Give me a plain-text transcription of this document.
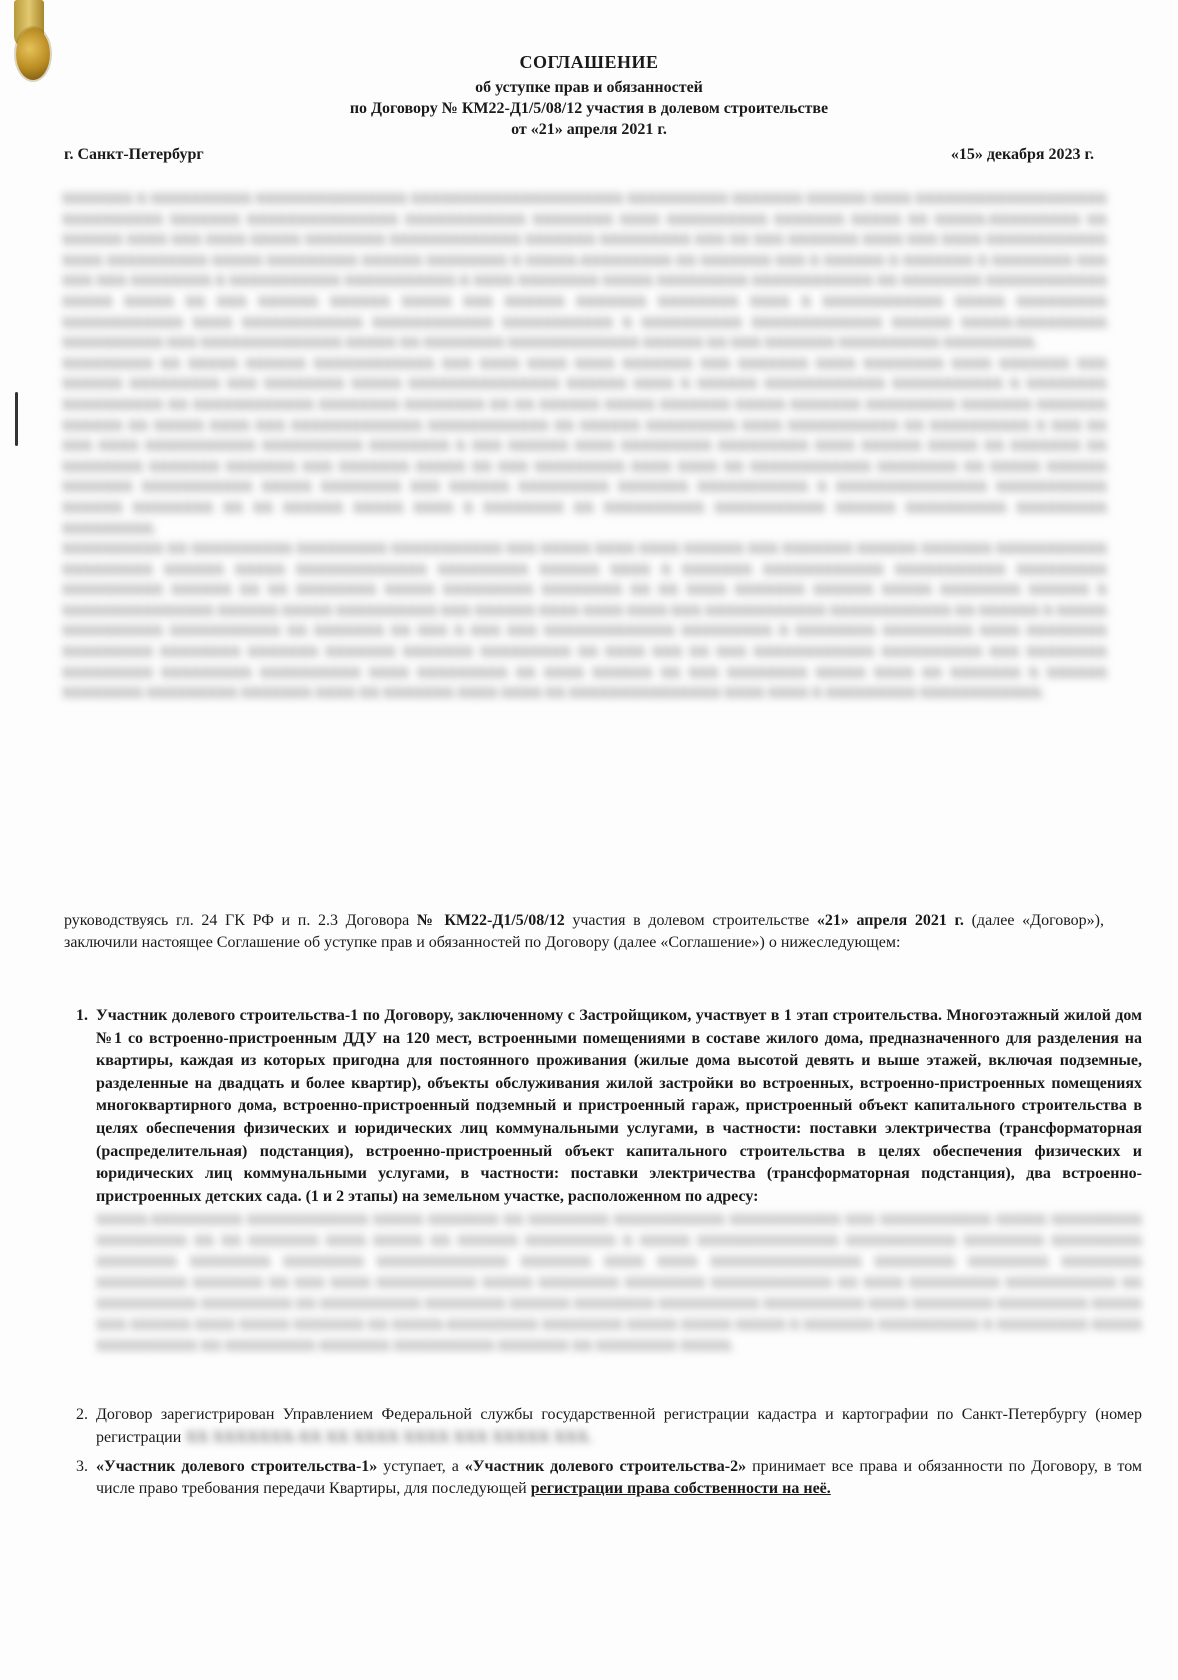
СОГЛАШЕНИЕ
об уступке прав и обязанностей
по Договору № КМ22-Д1/5/08/12 участия в долевом строительстве
от «21» апреля 2021 г.
г. Санкт-Петербург	«15» декабря 2023 г.

ХХХХХХХ Х ХХХХХХХХХХ ХХХХХХХХХХХХХХХ ХХХХХХХХХХХХХХХХХХХХХ ХХХХХХХХХХ ХХХХХХХ ХХХХХХ ХХХХ ХХХХХХХХХХХХХХХХХХХ ХХХХХХХХХХ ХХХХХХХ ХХХХХХХХХХХХХХХ ХХХХХХХХХХХХ ХХХХХХХХ ХХХХ ХХХХХХХХХХ ХХХХХХХ ХХХХХ ХХ ХХХХХ-ХХХХХХХХХ ХХ ХХХХХХ ХХХХ ХХХ ХХХХ ХХХХХ ХХХХХХХХ ХХХХХХХХХХХХХ ХХХХХХХ ХХХХХХХХХ ХХХ ХХ ХХХ ХХХХХХХ ХХХХ ХХХ ХХХХ ХХХХХХХХХХХХ ХХХХ ХХХХХХХХХХ ХХХХХ ХХХХХХХХХ ХХХХХХ ХХХХХХХХ Х ХХХХХ-ХХХХХХХХХ ХХ ХХХХХХХ ХХХ Х ХХХХХХ Х ХХХХХХХ Х ХХХХХХХХ ХХХ ХХХ ХХХ ХХХХХХХХ Х ХХХХХХХХХХХ ХХХХХХХХХХХ Х ХХХХ ХХХХХХХХ ХХХХХ ХХХХХХХХХ ХХХХХХХХХХХХ ХХ ХХХХХХХХ ХХХХХХХХХХХХ ХХХХХ ХХХХХ ХХ ХХХ ХХХХХХ ХХХХХХ ХХХХХ ХХХ ХХХХХХ ХХХХХХХ ХХХХХХХХ ХХХХ Х ХХХХХХХХХХХХ ХХХХХ ХХХХХХХХХ ХХХХХХХХХХХХ ХХХХ ХХХХХХХХХХХХ ХХХХХХХХХХХХ ХХХХХХХХХХХ Х ХХХХХХХХХХ ХХХХХХХХХХХХХ ХХХХХХ ХХХХХ-ХХХХХХХХХ ХХХХХХХХХХ ХХХ ХХХХХХХХХХХХХХ ХХХХХ ХХ ХХХХХХХХ ХХХХХХХХХХХХХ ХХХХХХ ХХ ХХХ ХХХХХХХ ХХХХХХХХХХ ХХХХХХХХХ.

ХХХХХХХХХ ХХ ХХХХХ ХХХХХХ ХХХХХХХХХХХХ ХХХ ХХХХ ХХХХ ХХХХ ХХХХХХХ ХХХ ХХХХХХХ ХХХХ ХХХХХХХХ ХХХХ ХХХХХХХ ХХХ ХХХХХХ ХХХХХХХХХ ХХХ ХХХХХХХХ ХХХХХ ХХХХХХХХХХХХХХХ ХХХХХХ ХХХХ Х ХХХХХХ ХХХХХХХХХХХХ ХХХХХХХХХХХ Х ХХХХХХХХ ХХХХХХХХХХ ХХ ХХХХХХХХХХХХ ХХХХХХХХ ХХХХХХХХ ХХ ХХ ХХХХХХ ХХХХХ ХХХХХХХ ХХХХХ ХХХХХХХ ХХХХХХХХХ ХХХХХХХ ХХХХХХХ ХХХХХХ ХХ ХХХХХ ХХХХ ХХХ ХХХХХХХХХХХХХ ХХХХХХХХХХХХ ХХ ХХХХХХ ХХХХХХХХХ ХХХХ ХХХХХХХХХХХ ХХ ХХХХХХХХХХ Х ХХХ ХХ ХХХ ХХХХ ХХХХХХХХХХХ ХХХХХХХХХХ ХХХХХХХХ Х ХХХ ХХХХХХ ХХХХ ХХХХХХХХХ ХХХХХХХХХ ХХХХ ХХХХХХ ХХХХХ ХХ ХХХХХХХ ХХ ХХХХХХХХ ХХХХХХХ ХХХХХХХ ХХХ ХХХХХХХ ХХХХХ ХХ ХХХ ХХХХХХХХХ ХХХХ ХХХХ ХХ ХХХХХХХХХХХХ ХХХХХХХХ ХХ ХХХХХ ХХХХХХ ХХХХХХХ ХХХХХХХХХХХ ХХХХХ ХХХХХХХХ ХХХ ХХХХХХ ХХХХХХХХХ ХХХХХХХ ХХХХХХХХХХХ Х ХХХХХХХХХХХХХХХ ХХХХХХХХХХХ ХХХХХХ ХХХХХХХХ ХХ ХХ ХХХХХХ ХХХХХ ХХХХ Х ХХХХХХХХ ХХ ХХХХХХХХХХ ХХХХХХХХХХХ ХХХХХХ ХХХХХХХХХХ ХХХХХХХХХ ХХХХХХХХХ.

ХХХХХХХХХХ ХХ ХХХХХХХХХХ ХХХХХХХХХ ХХХХХХХХХХХ ХХХ ХХХХХ ХХХХ ХХХХ ХХХХХХ ХХХ ХХХХХХХ ХХХХХХ ХХХХХХХ ХХХХХХХХХХХ ХХХХХХХХХ ХХХХХХ ХХХХХ ХХХХХХХХХХХХХ ХХХХХХХХХ ХХХХХХ ХХХХ Х ХХХХХХХ ХХХХХХХХХХХХ ХХХХХХХХХХХ ХХХХХХХХХ ХХХХХХХХХХ ХХХХХХ ХХ ХХ ХХХХХХХХ ХХХХХ ХХХХХХХХХ ХХХХХХХХ ХХ ХХ ХХХХ ХХХХХХХ ХХХХХХ ХХХХХ ХХХХХХХХ ХХХХХХ Х ХХХХХХХХХХХХХХХ ХХХХХХ ХХХХХ ХХХХХХХХХХ ХХХ ХХХХХХ ХХХХ ХХХХ ХХХХ ХХХ ХХХХХХХХХХХХ ХХХХХХХХХХХХ ХХ ХХХХХХ Х ХХХХХ ХХХХХХХХХХ ХХХХХХХХХХХ ХХ ХХХХХХХ ХХ ХХХ Х ХХХ ХХХ ХХХХХХХХХХХХХ ХХХХХХХХХ Х ХХХХХХХХ ХХХХХХХХХ ХХХХ ХХХХХХХХ ХХХХХХХХХ ХХХХХХХХ ХХХХХХХ ХХХХХХХ ХХХХХХХ ХХХХХХХХХ ХХ ХХХХ ХХХ ХХ ХХХ ХХХХХХХХХХХХ ХХХХХХХХХХ ХХХ ХХХХХХХХ ХХХХХХХХХ ХХХХХХХХХ ХХХХХХХХХХ ХХХХ ХХХХХХХХХ ХХ ХХХХ ХХХХХХ ХХ ХХХ ХХХХХХХХ ХХХХХ ХХХХ ХХ ХХХХХХХ Х ХХХХХХ ХХХХХХХХ ХХХХХХХХХ ХХХХХХХ ХХХХ ХХ ХХХХХХХ ХХХХ ХХХХ ХХ ХХХХХХХХХХХХХХХ ХХХХ ХХХХ Х ХХХХХХХХХ ХХХХХХХХХХХХ.

руководствуясь гл. 24 ГК РФ и п. 2.3 Договора № КМ22-Д1/5/08/12 участия в долевом строительстве «21» апреля 2021 г. (далее «Договор»), заключили настоящее Соглашение об уступке прав и обязанностей по Договору (далее «Соглашение») о нижеследующем:
1. Участник долевого строительства-1 по Договору, заключенному с Застройщиком, участвует в 1 этап строительства. Многоэтажный жилой дом №1 со встроенно-пристроенным ДДУ на 120 мест, встроенными помещениями в составе жилого дома, предназначенного для разделения на квартиры, каждая из которых пригодна для постоянного проживания (жилые дома высотой девять и выше этажей, включая подземные, разделенные на двадцать и более квартир), объекты обслуживания жилой застройки во встроенных, встроенно-пристроенных помещениях многоквартирного дома, встроенно-пристроенный подземный и пристроенный гараж, пристроенный объект капитального строительства в целях обеспечения физических и юридических лиц коммунальными услугами, в частности: поставки электричества (трансформаторная (распределительная) подстанция), встроенно-пристроенный объект капитального строительства в целях обеспечения физических и юридических лиц коммунальными услугами, в частности: поставки электричества (трансформаторная подстанция), два встроенно-пристроенных детских сада. (1 и 2 этапы) на земельном участке, расположенном по адресу:
ХХХХХ-ХХХХХХХХХ ХХХХХХХХХХХХ ХХХХХ ХХХХХХХ ХХ ХХХХХХХХ ХХХХХХХХХХХ ХХХХХХХХХХХ ХХХ ХХХХХХХХХХХ ХХХХХ ХХХХХХХХХ ХХХХХХХХХ ХХ ХХ ХХХХХХХ ХХХХ ХХХХХ ХХ ХХХХХХ ХХХХХХХХХ Х ХХХХХ ХХХХХХХХХХХХХХ ХХХХХХХХХХХ ХХХХХХХХ ХХХХХХХХХ ХХХХХХХХ ХХХХХХХХ ХХХХХХХХ ХХХХХХХХХХХХХ ХХХХХХХ ХХХХ ХХХХ ХХХХХХХХХХХХХХХ ХХХХХХХХ ХХХХХХХХ ХХХХХХХХ ХХХХХХХХХ ХХХХХХХ ХХ ХХХ ХХХХ ХХХХХХХХХХ ХХХХХ ХХХХХХХХ ХХХХХХХХ ХХХХХХХХХХХХ ХХ ХХХХ ХХХХХХХХХ ХХХХХХХХХХХ ХХ ХХХХХХХХХХ ХХХХХХХХХ ХХ ХХХХХХХХХХ ХХХХХХХХ ХХХХХХ ХХХХХХХХ ХХХХХХХХХХ ХХХХХХХХХХ ХХХХ ХХХХХХХХ ХХХХХХХХХ ХХХХХ ХХХ ХХХХХХ ХХХХ ХХХХХ ХХХХХХХ ХХ ХХХХХ-ХХХХХХХХХ ХХХХХХХХ ХХХХХ ХХХХХ ХХХХХ Х ХХХХХХХ ХХХХХХХХХХ Х ХХХХХХХХХ ХХХХХ ХХХХХХХХХХ ХХ ХХХХХХХХХ ХХХХХХХ ХХХХХХХХХХ ХХХХХХХ ХХ ХХХХХХХХ ХХХХХ.
2. Договор зарегистрирован Управлением Федеральной службы государственной регистрации кадастра и картографии по Санкт-Петербургу (номер регистрации ХХ ХХХХХХХ-ХХ ХХ ХХХХ ХХХХ ХХХ ХХХХХ ХХХ.
3. «Участник долевого строительства-1» уступает, а «Участник долевого строительства-2» принимает все права и обязанности по Договору, в том числе право требования передачи Квартиры, для последующей регистрации права собственности на неё.
